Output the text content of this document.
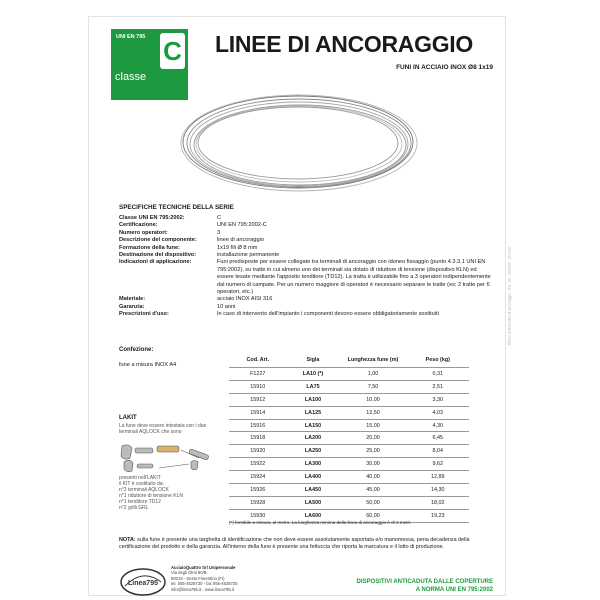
UNI EN 795 C
classe
LINEE DI ANCORAGGIO
FUNI IN ACCIAIO INOX Ø8 1x19
All'uso di dispositivi di ancoraggio - ITA - 20 - 03/2016 - 15 rev.0
SPECIFICHE TECNICHE DELLA SERIE
Classe UNI EN 795:2002:	C
Certificazione:	UNI EN 795:2002-C
Numero operatori:	3
Descrizione del componente:	linee di ancoraggio
Formazione della fune:	1x19 fili Ø 8 mm
Destinazione del dispositivo:	installazione permanente
Indicazioni di applicazione:	Funi predisposte per essere collegate tra terminali di ancoraggio con idoneo fissaggio (punto 4.3.3.1 UNI EN 795:2002), su tratte in cui almeno uno dei terminali sia dotato di riduttore di tensione (dispositivo KLN) ed essere tesate mediante l'apposito tenditore (TD12). La tratta è utilizzabile fino a 3 operatori indipendentemente dal numero di campate. Per un numero maggiore di operatori è necessario separare le tratte (es: 2 tratte per 6 operatori, etc.)
Materiale:	acciaio INOX AISI 316
Garanzia:	10 anni
Prescrizioni d'uso:	In caso di intervento dell'impianto i componenti devono essere obbligatoriamente sostituiti
Confezione:
fune a misura INOX A4
LAKIT
La fune deve essere intestata con i due terminali AQLOCK che sono
presenti nell'LAKIT
il KIT è costituito da:
n°2 terminali AQLOCK
n°1 riduttore di tensione KLN
n°1 tenditore TD12
n°2 grilli GRL
Cod. Art.	Sigla	Lunghezza fune (m)	Peso (kg)
F1227	LA10 (*)	1,00	0,31
15910	LA75	7,50	2,51
15912	LA100	10,00	3,30
15914	LA125	12,50	4,03
15916	LA150	15,00	4,30
15918	LA200	20,00	6,45
15920	LA250	25,00	8,04
15922	LA300	30,00	9,62
15924	LA400	40,00	12,89
15926	LA450	45,00	14,30
15928	LA500	50,00	18,02
15930	LA600	60,00	19,23
(*) fornibile a misura, al metro. La lunghezza minima della linea di ancoraggio è di 3 metri.
NOTA: sulla fune è presente una targhetta di identificazione che non deve essere assolutamente asportata e/o manomessa, pena decadenza della certificazione del prodotto e della garanzia. All'interno della fune è presente una fettuccia che riporta la marcatura e il lotto di produzione.
Linea795
AcciaioQuattro Srl Unipersonale
Via degli Olmi 80/B
50019 - Sesto Fiorentino (FI)
tel. 055-4628730 - fax 055-4628735
info@linea795.it - www.linea795.it
DISPOSITIVI ANTICADUTA DALLE COPERTURE
A NORMA UNI EN 795:2002
